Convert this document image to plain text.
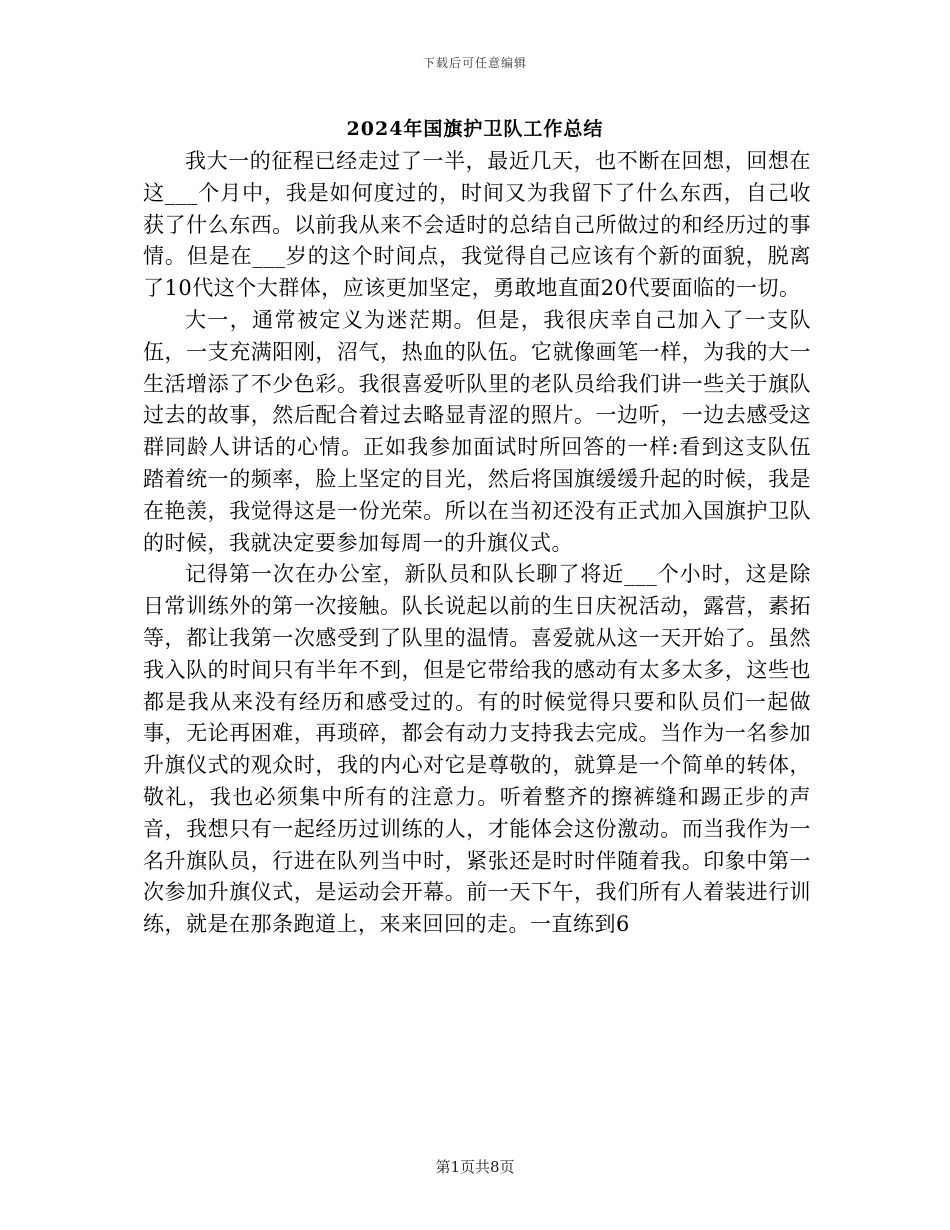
下载后可任意编辑
2024年国旗护卫队工作总结

我大一的征程已经走过了一半，最近几天，也不断在回想，回想在这___个月中，我是如何度过的，时间又为我留下了什么东西，自己收获了什么东西。以前我从来不会适时的总结自己所做过的和经历过的事情。但是在___岁的这个时间点，我觉得自己应该有个新的面貌，脱离了10代这个大群体，应该更加坚定，勇敢地直面20代要面临的一切。

大一，通常被定义为迷茫期。但是，我很庆幸自己加入了一支队伍，一支充满阳刚，沼气，热血的队伍。它就像画笔一样，为我的大一生活增添了不少色彩。我很喜爱听队里的老队员给我们讲一些关于旗队过去的故事，然后配合着过去略显青涩的照片。一边听，一边去感受这群同龄人讲话的心情。正如我参加面试时所回答的一样:看到这支队伍踏着统一的频率，脸上坚定的目光，然后将国旗缓缓升起的时候，我是在艳羡，我觉得这是一份光荣。所以在当初还没有正式加入国旗护卫队的时候，我就决定要参加每周一的升旗仪式。

记得第一次在办公室，新队员和队长聊了将近___个小时，这是除日常训练外的第一次接触。队长说起以前的生日庆祝活动，露营，素拓等，都让我第一次感受到了队里的温情。喜爱就从这一天开始了。虽然我入队的时间只有半年不到，但是它带给我的感动有太多太多，这些也都是我从来没有经历和感受过的。有的时候觉得只要和队员们一起做事，无论再困难，再琐碎，都会有动力支持我去完成。当作为一名参加升旗仪式的观众时，我的内心对它是尊敬的，就算是一个简单的转体，敬礼，我也必须集中所有的注意力。听着整齐的擦裤缝和踢正步的声音，我想只有一起经历过训练的人，才能体会这份激动。而当我作为一名升旗队员，行进在队列当中时，紧张还是时时伴随着我。印象中第一次参加升旗仪式，是运动会开幕。前一天下午，我们所有人着装进行训练，就是在那条跑道上，来来回回的走。一直练到6

第1页共8页
